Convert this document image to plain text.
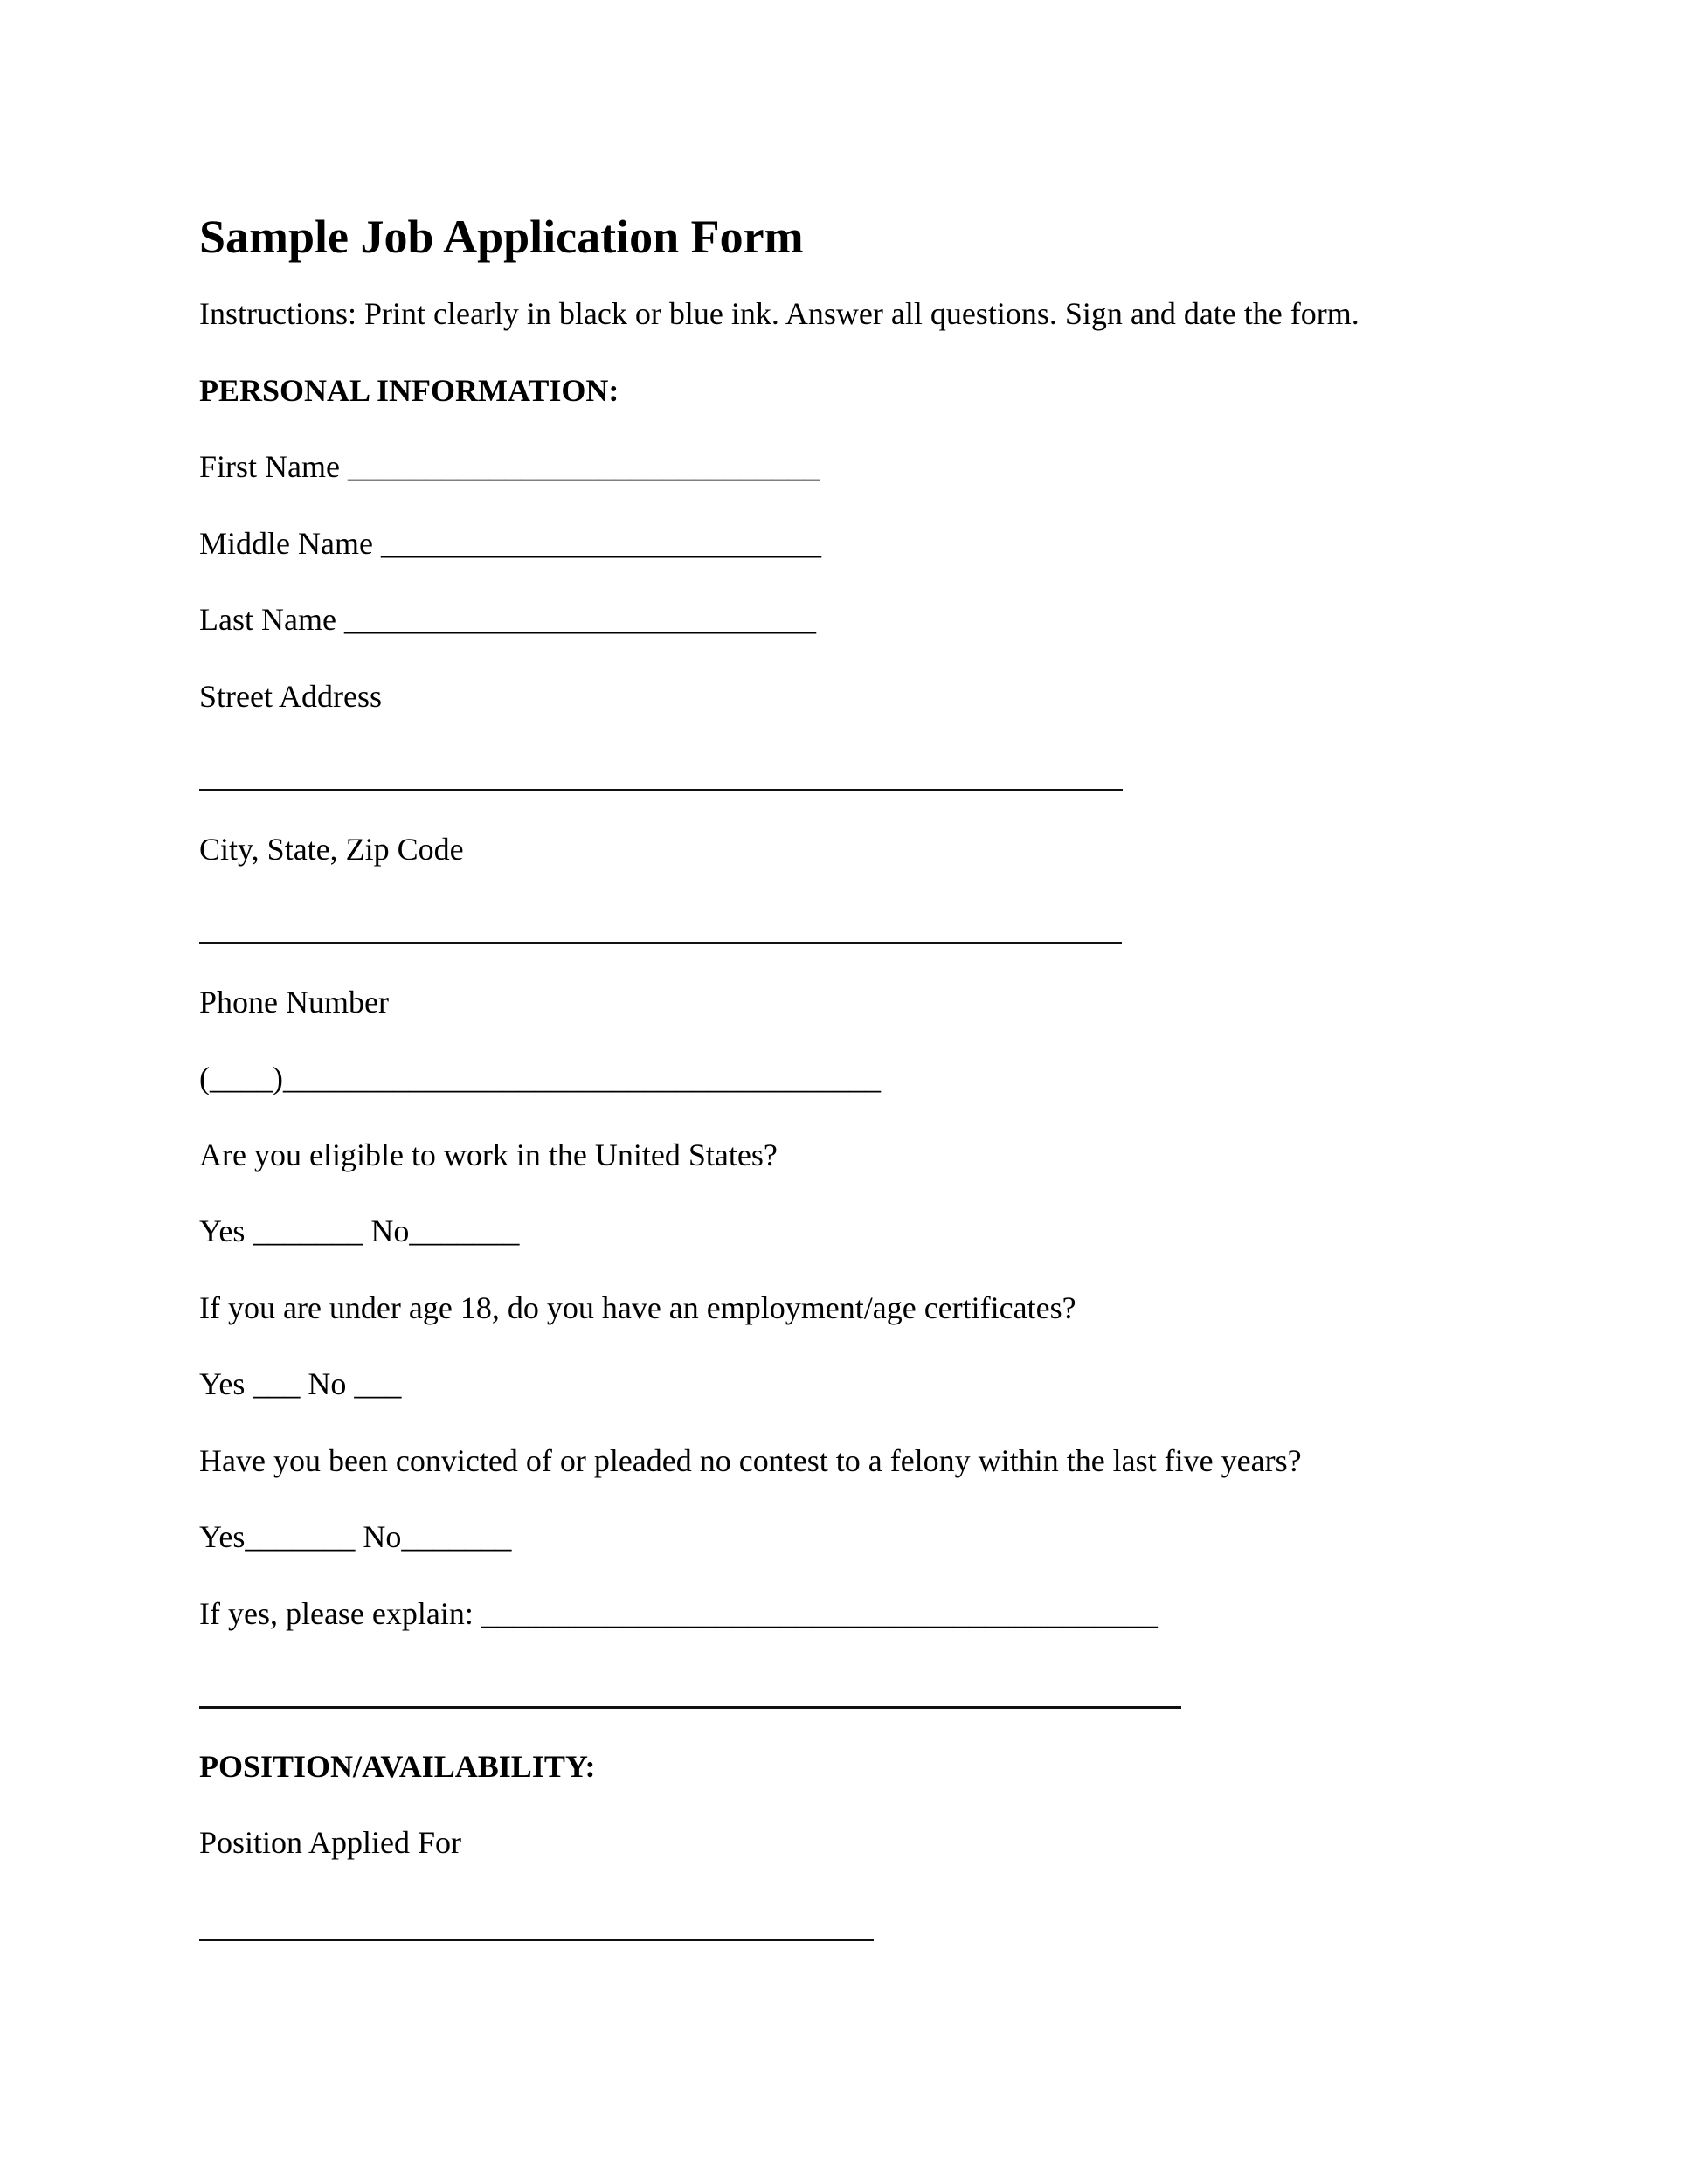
Sample Job Application Form
Instructions: Print clearly in black or blue ink. Answer all questions. Sign and date the form.
PERSONAL INFORMATION:
First Name ______________________________
Middle Name ____________________________
Last Name ______________________________
Street Address
City, State, Zip Code
Phone Number
(____)______________________________________
Are you eligible to work in the United States?
Yes _______ No_______
If you are under age 18, do you have an employment/age certificates?
Yes ___ No ___
Have you been convicted of or pleaded no contest to a felony within the last five years?
Yes_______ No_______
If yes, please explain: ___________________________________________
POSITION/AVAILABILITY:
Position Applied For
